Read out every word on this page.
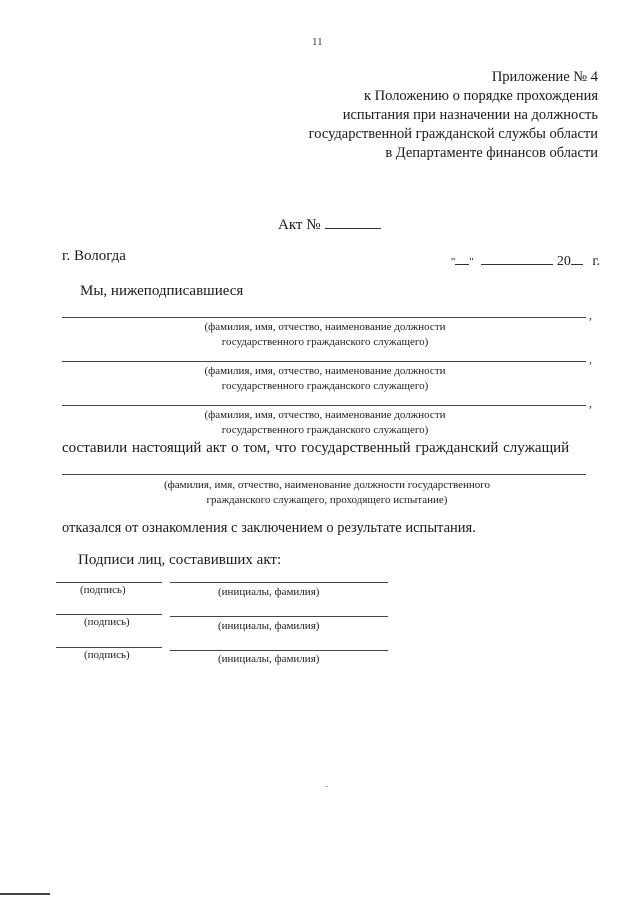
11
Приложение № 4
к Положению о порядке прохождения
испытания при назначении на должность
государственной гражданской службы области
в Департаменте финансов области
Акт №
г. Вологда	" "	20 г.
Мы, нижеподписавшиеся
,
(фамилия, имя, отчество, наименование должности
государственного гражданского служащего)
,
(фамилия, имя, отчество, наименование должности
государственного гражданского служащего)
,
(фамилия, имя, отчество, наименование должности
государственного гражданского служащего)
составили настоящий акт о том, что государственный гражданский служащий
(фамилия, имя, отчество, наименование должности государственного
гражданского служащего, проходящего испытание)
отказался от ознакомления с заключением о результате испытания.
Подписи лиц, составивших акт:
(подпись)	(инициалы, фамилия)
(подпись)	(инициалы, фамилия)
(подпись)	(инициалы, фамилия)
